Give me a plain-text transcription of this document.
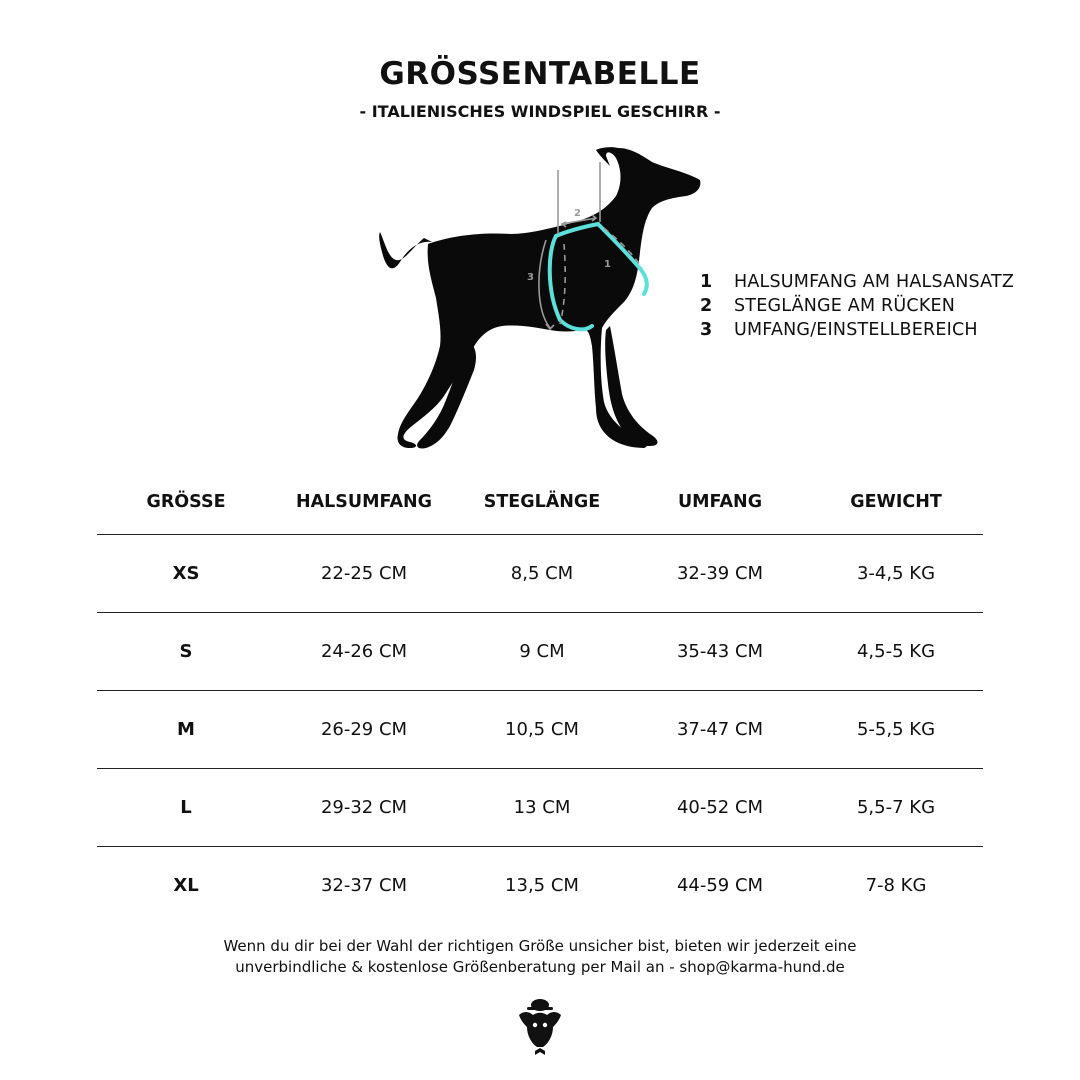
GRÖSSENTABELLE
- ITALIENISCHES WINDSPIEL GESCHIRR -
2
1
3	1	HALSUMFANG AM HALSANSATZ
2	STEGLÄNGE AM RÜCKEN
3	UMFANG/EINSTELLBEREICH
GRÖSSE	HALSUMFANG	STEGLÄNGE	UMFANG	GEWICHT
XS	22-25 CM	8,5 CM	32-39 CM	3-4,5 KG
S	24-26 CM	9 CM	35-43 CM	4,5-5 KG
M	26-29 CM	10,5 CM	37-47 CM	5-5,5 KG
L	29-32 CM	13 CM	40-52 CM	5,5-7 KG
XL	32-37 CM	13,5 CM	44-59 CM	7-8 KG
Wenn du dir bei der Wahl der richtigen Größe unsicher bist, bieten wir jederzeit eine
unverbindliche & kostenlose Größenberatung per Mail an - shop@karma-hund.de
